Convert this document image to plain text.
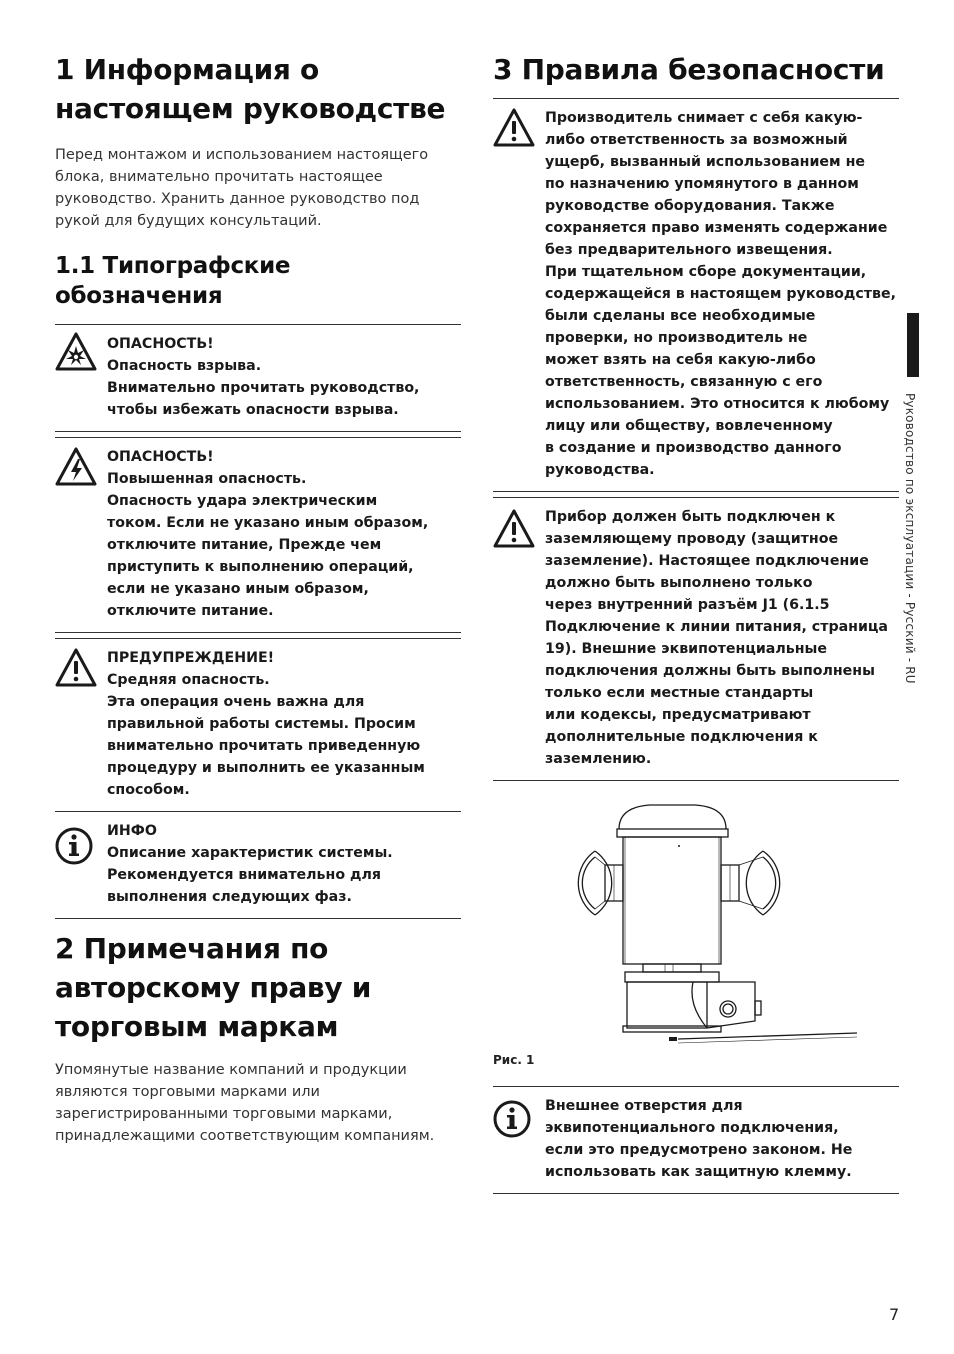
1 Информация о
настоящем руководстве

Перед монтажом и использованием настоящего
блока, внимательно прочитать настоящее
руководство. Хранить данное руководство под
рукой для будущих консультаций.

1.1 Типографские обозначения
ОПАСНОСТЬ!
Опасность взрыва.
Внимательно прочитать руководство,
чтобы избежать опасности взрыва.
ОПАСНОСТЬ!
Повышенная опасность.
Опасность удара электрическим
током. Если не указано иным образом,
отключите питание, Прежде чем
приступить к выполнению операций,
если не указано иным образом,
отключите питание.
ПРЕДУПРЕЖДЕНИЕ!
Средняя опасность.
Эта операция очень важна для
правильной работы системы. Просим
внимательно прочитать приведенную
процедуру и выполнить ее указанным
способом.
ИНФО
Описание характеристик системы.
Рекомендуется внимательно для
выполнения следующих фаз.
2 Примечания по
авторскому праву и
торговым маркам

Упомянутые название компаний и продукции
являются торговыми марками или
зарегистрированными торговыми марками,
принадлежащими соответствующим компаниям.

3 Правила безопасности
Производитель снимает с себя какую-
либо ответственность за возможный
ущерб, вызванный использованием не
по назначению упомянутого в данном
руководстве оборудования. Также
сохраняется право изменять содержание
без предварительного извещения.
При тщательном сборе документации,
содержащейся в настоящем руководстве,
были сделаны все необходимые
проверки, но производитель не
может взять на себя какую-либо
ответственность, связанную с его
использованием. Это относится к любому
лицу или обществу, вовлеченному
в создание и производство данного
руководства.
Прибор должен быть подключен к
заземляющему проводу (защитное
заземление). Настоящее подключение
должно быть выполнено только
через внутренний разъём J1 (6.1.5
Подключение к линии питания, страница
19). Внешние эквипотенциальные
подключения должны быть выполнены
только если местные стандарты
или кодексы, предусматривают
дополнительные подключения к
заземлению.

Рис. 1

Внешнее отверстия для
эквипотенциального подключения,
если это предусмотрено законом. Не
использовать как защитную клемму.
Руководство по эксплуатации - Русский - RU
7
